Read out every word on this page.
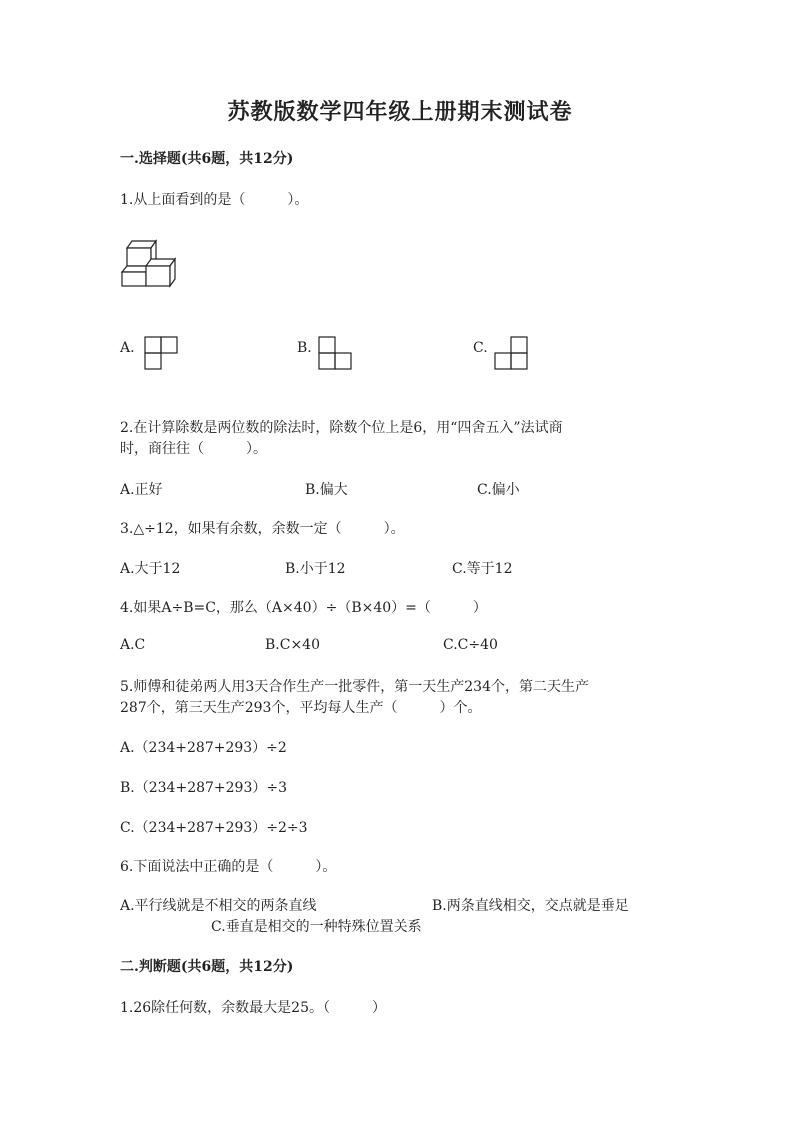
苏教版数学四年级上册期末测试卷
一.选择题(共6题，共12分)
1.从上面看到的是（　　　）。
A.	B.	C.
2.在计算除数是两位数的除法时，除数个位上是6，用“四舍五入”法试商
时，商往往（　　　）。
A.正好	B.偏大	C.偏小
3.△÷12，如果有余数，余数一定（　　　）。
A.大于12	B.小于12	C.等于12
4.如果A÷B=C，那么（A×40）÷（B×40）=（　　　）
A.C	B.C×40	C.C÷40
5.师傅和徒弟两人用3天合作生产一批零件，第一天生产234个，第二天生产
287个，第三天生产293个，平均每人生产（　　　）个。
A.（234+287+293）÷2
B.（234+287+293）÷3
C.（234+287+293）÷2÷3
6.下面说法中正确的是（　　　）。
A.平行线就是不相交的两条直线	B.两条直线相交，交点就是垂足
C.垂直是相交的一种特殊位置关系
二.判断题(共6题，共12分)
1.26除任何数，余数最大是25。（　　　）
